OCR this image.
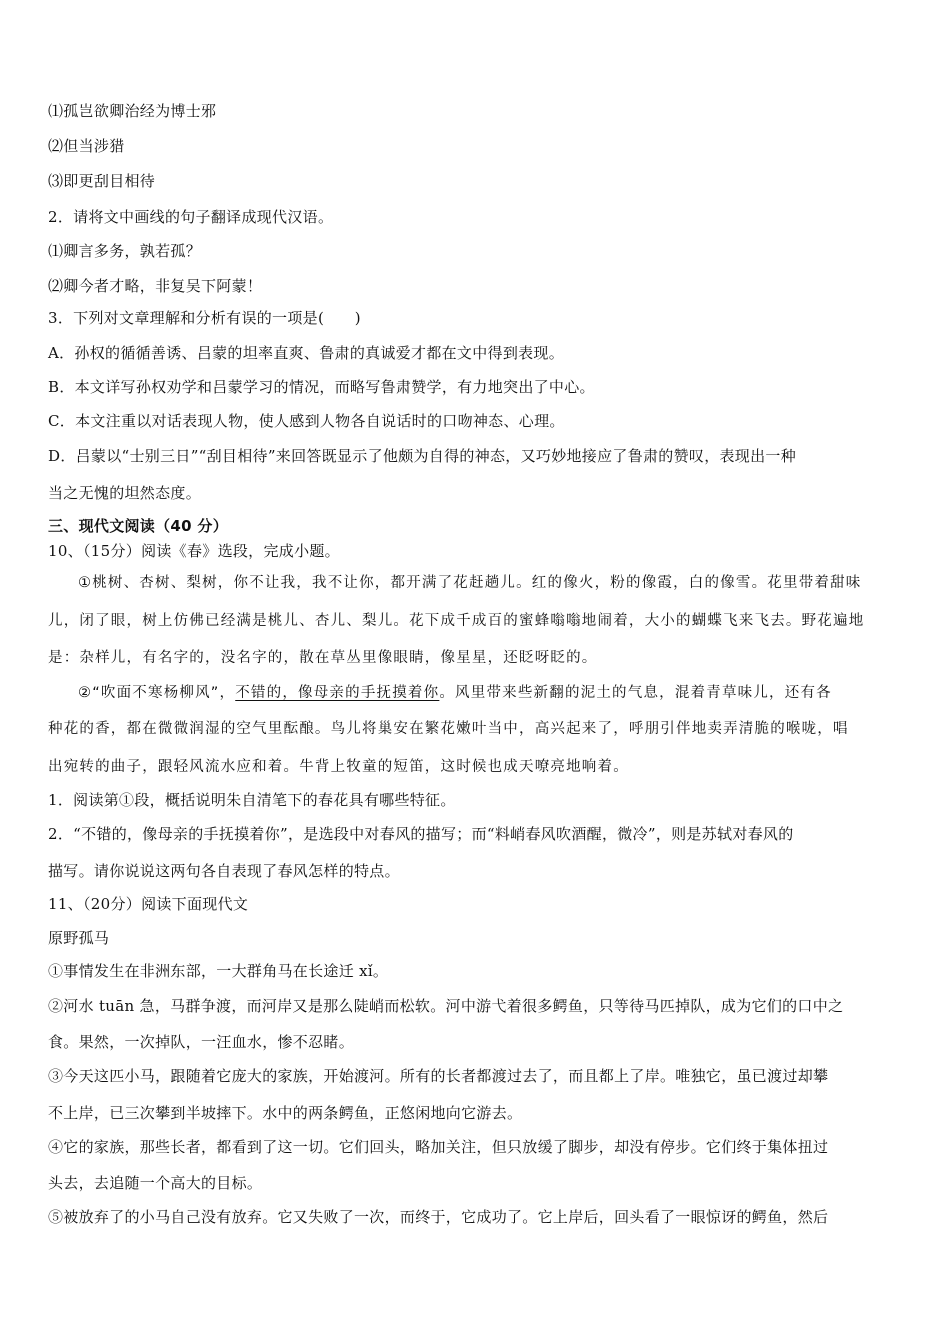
⑴孤岂欲卿治经为博士邪
⑵但当涉猎
⑶即更刮目相待
2．请将文中画线的句子翻译成现代汉语。
⑴卿言多务，孰若孤？
⑵卿今者才略，非复吴下阿蒙！
3．下列对文章理解和分析有误的一项是(　　)
A．孙权的循循善诱、吕蒙的坦率直爽、鲁肃的真诚爱才都在文中得到表现。
B．本文详写孙权劝学和吕蒙学习的情况，而略写鲁肃赞学，有力地突出了中心。
C．本文注重以对话表现人物，使人感到人物各自说话时的口吻神态、心理。
D．吕蒙以“士别三日”“刮目相待”来回答既显示了他颇为自得的神态，又巧妙地接应了鲁肃的赞叹，表现出一种
当之无愧的坦然态度。
三、现代文阅读（40 分）
10、（15分）阅读《春》选段，完成小题。
①桃树、杏树、梨树，你不让我，我不让你，都开满了花赶趟儿。红的像火，粉的像霞，白的像雪。花里带着甜味
儿，闭了眼，树上仿佛已经满是桃儿、杏儿、梨儿。花下成千成百的蜜蜂嗡嗡地闹着，大小的蝴蝶飞来飞去。野花遍地
是：杂样儿，有名字的，没名字的，散在草丛里像眼睛，像星星，还眨呀眨的。
②“吹面不寒杨柳风”，不错的，像母亲的手抚摸着你。风里带来些新翻的泥土的气息，混着青草味儿，还有各
种花的香，都在微微润湿的空气里酝酿。鸟儿将巢安在繁花嫩叶当中，高兴起来了，呼朋引伴地卖弄清脆的喉咙，唱
出宛转的曲子，跟轻风流水应和着。牛背上牧童的短笛，这时候也成天嘹亮地响着。
1．阅读第①段，概括说明朱自清笔下的春花具有哪些特征。
2．“不错的，像母亲的手抚摸着你”，是选段中对春风的描写；而“料峭春风吹酒醒，微冷”，则是苏轼对春风的
描写。请你说说这两句各自表现了春风怎样的特点。
11、（20分）阅读下面现代文
原野孤马
①事情发生在非洲东部，一大群角马在长途迁 xǐ。
②河水 tuān 急，马群争渡，而河岸又是那么陡峭而松软。河中游弋着很多鳄鱼，只等待马匹掉队，成为它们的口中之
食。果然，一次掉队，一汪血水，惨不忍睹。
③今天这匹小马，跟随着它庞大的家族，开始渡河。所有的长者都渡过去了，而且都上了岸。唯独它，虽已渡过却攀
不上岸，已三次攀到半坡摔下。水中的两条鳄鱼，正悠闲地向它游去。
④它的家族，那些长者，都看到了这一切。它们回头，略加关注，但只放缓了脚步，却没有停步。它们终于集体扭过
头去，去追随一个高大的目标。
⑤被放弃了的小马自己没有放弃。它又失败了一次，而终于，它成功了。它上岸后，回头看了一眼惊讶的鳄鱼，然后
